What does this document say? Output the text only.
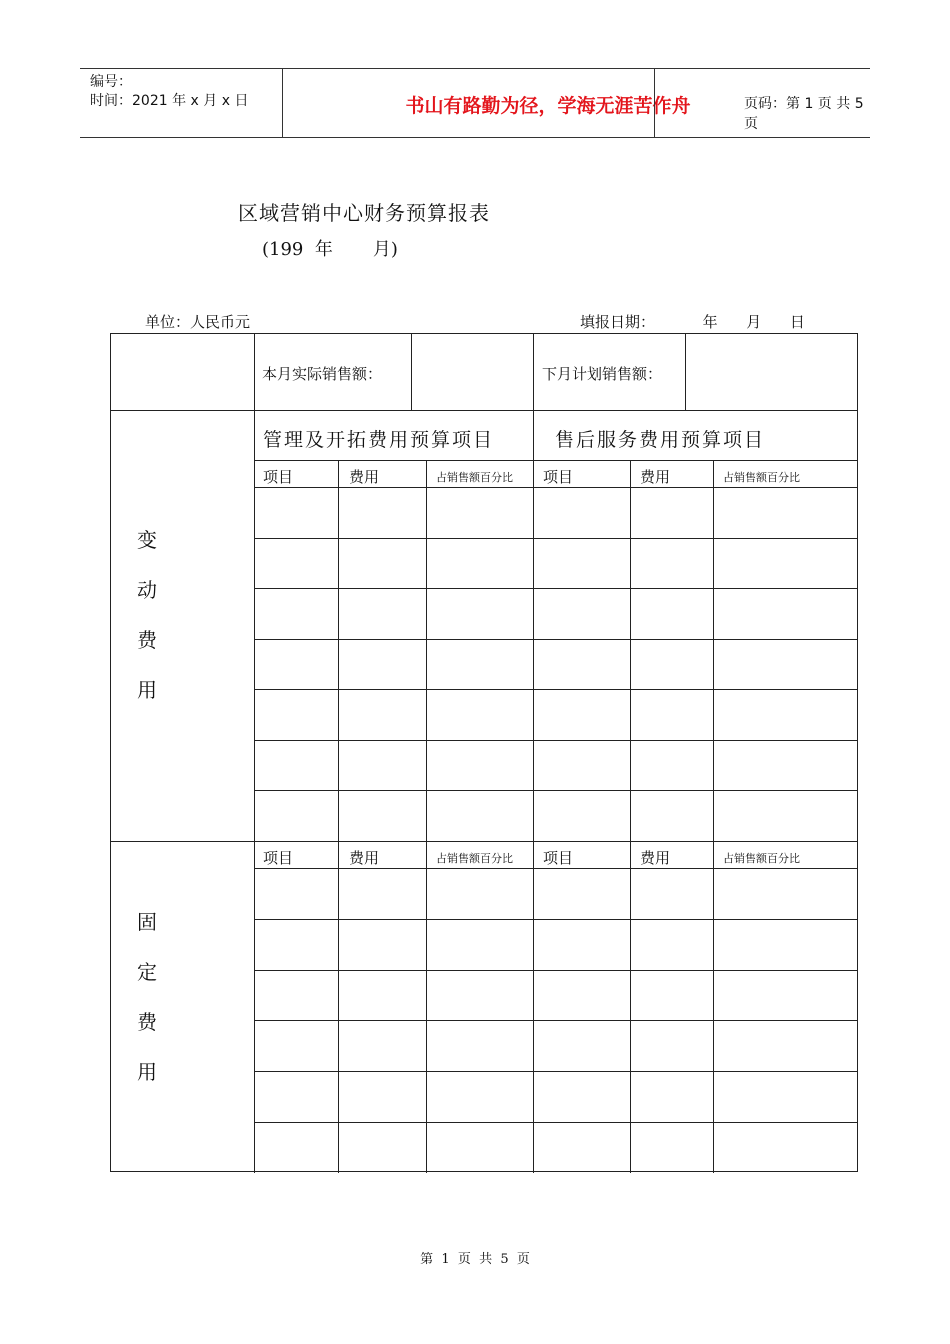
编号：
时间：2021 年 x 月 x 日	书山有路勤为径，学海无涯苦作舟	页码：第 1 页 共 5 页
区域营销中心财务预算报表
(199  年       月)
单位：人民币元	填报日期：          年      月      日
本月实际销售额：	下月计划销售额：
管理及开拓费用预算项目	售后服务费用预算项目
项目	费用	占销售额百分比 项目	费用	占销售额百分比
变
动
费
用
项目	费用	占销售额百分比 项目	费用	占销售额百分比
固
定
费
用
第  1  页  共  5  页
